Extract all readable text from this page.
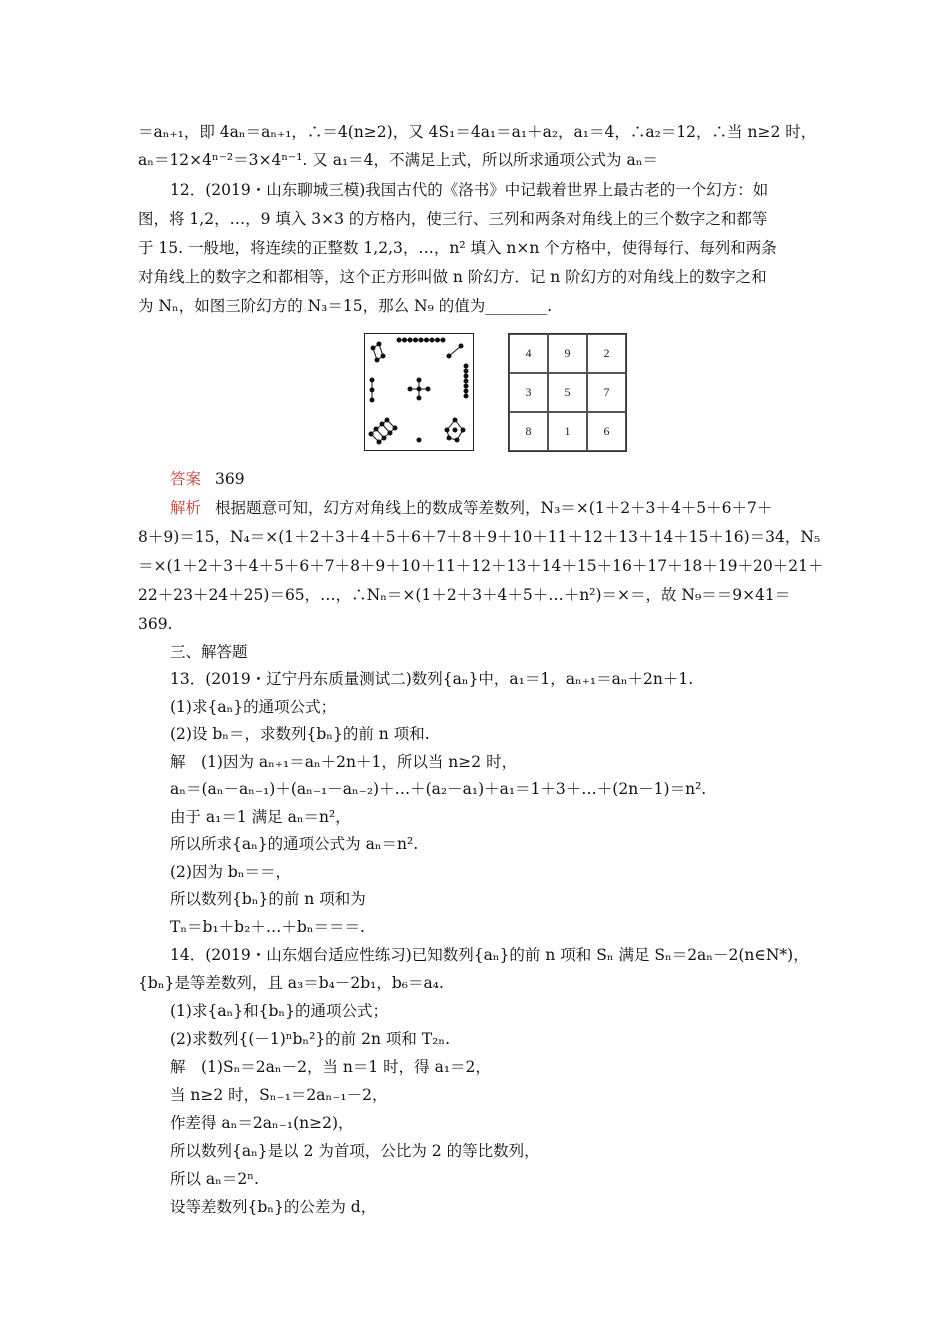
＝aₙ₊₁，即 4aₙ＝aₙ₊₁，∴＝4(n≥2)，又 4S₁＝4a₁＝a₁＋a₂，a₁＝4，∴a₂＝12，∴当 n≥2 时，
aₙ＝12×4ⁿ⁻²＝3×4ⁿ⁻¹. 又 a₁＝4，不满足上式，所以所求通项公式为 aₙ＝
12．(2019・山东聊城三模)我国古代的《洛书》中记载着世界上最古老的一个幻方：如
图，将 1,2，…，9 填入 3×3 的方格内，使三行、三列和两条对角线上的三个数字之和都等
于 15. 一般地，将连续的正整数 1,2,3，…，n² 填入 n×n 个方格中，使得每行、每列和两条
对角线上的数字之和都相等，这个正方形叫做 n 阶幻方．记 n 阶幻方的对角线上的数字之和
为 Nₙ，如图三阶幻方的 N₃＝15，那么 N₉ 的值为________.
4	9	2
3	5	7
8	1	6
答案 369
解析 根据题意可知，幻方对角线上的数成等差数列，N₃＝×(1＋2＋3＋4＋5＋6＋7＋
8＋9)＝15，N₄＝×(1＋2＋3＋4＋5＋6＋7＋8＋9＋10＋11＋12＋13＋14＋15＋16)＝34，N₅
＝×(1＋2＋3＋4＋5＋6＋7＋8＋9＋10＋11＋12＋13＋14＋15＋16＋17＋18＋19＋20＋21＋
22＋23＋24＋25)＝65，…，∴Nₙ＝×(1＋2＋3＋4＋5＋…＋n²)＝×＝，故 N₉＝＝9×41＝
369.
三、解答题
13．(2019・辽宁丹东质量测试二)数列{aₙ}中，a₁＝1，aₙ₊₁＝aₙ＋2n＋1.
(1)求{aₙ}的通项公式；
(2)设 bₙ＝，求数列{bₙ}的前 n 项和.
解　(1)因为 aₙ₊₁＝aₙ＋2n＋1，所以当 n≥2 时，
aₙ＝(aₙ－aₙ₋₁)＋(aₙ₋₁－aₙ₋₂)＋…＋(a₂－a₁)＋a₁＝1＋3＋…＋(2n－1)＝n².
由于 a₁＝1 满足 aₙ＝n²，
所以所求{aₙ}的通项公式为 aₙ＝n².
(2)因为 bₙ＝＝，
所以数列{bₙ}的前 n 项和为
Tₙ＝b₁＋b₂＋…＋bₙ＝＝＝.
14．(2019・山东烟台适应性练习)已知数列{aₙ}的前 n 项和 Sₙ 满足 Sₙ＝2aₙ－2(n∈N*)，
{bₙ}是等差数列，且 a₃＝b₄－2b₁，b₆＝a₄.
(1)求{aₙ}和{bₙ}的通项公式；
(2)求数列{(－1)ⁿbₙ²}的前 2n 项和 T₂ₙ.
解　(1)Sₙ＝2aₙ－2，当 n＝1 时，得 a₁＝2，
当 n≥2 时，Sₙ₋₁＝2aₙ₋₁－2，
作差得 aₙ＝2aₙ₋₁(n≥2)，
所以数列{aₙ}是以 2 为首项，公比为 2 的等比数列，
所以 aₙ＝2ⁿ.
设等差数列{bₙ}的公差为 d，
